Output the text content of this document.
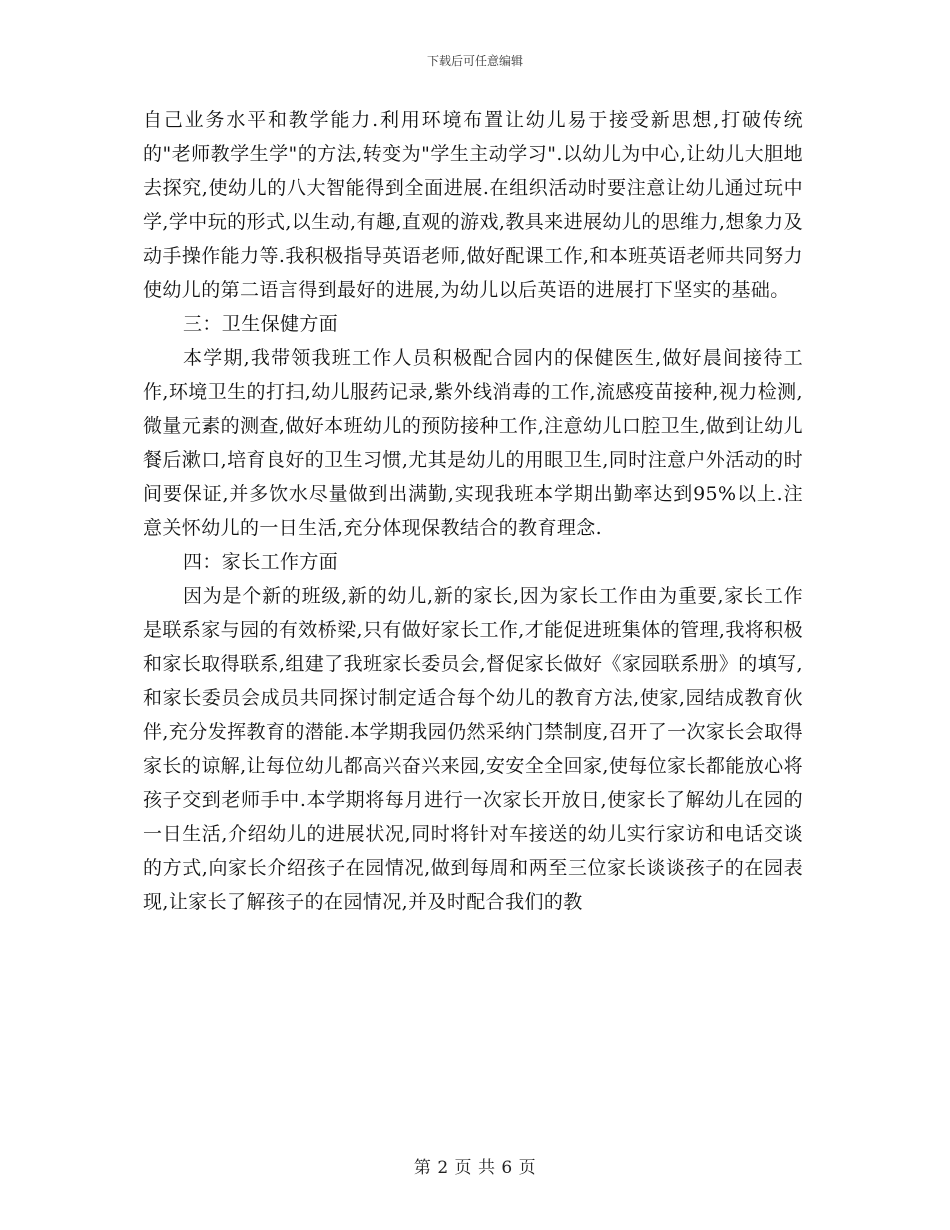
下载后可任意编辑

自己业务水平和教学能力.利用环境布置让幼儿易于接受新思想,打破传统的"老师教学生学"的方法,转变为"学生主动学习".以幼儿为中心,让幼儿大胆地去探究,使幼儿的八大智能得到全面进展.在组织活动时要注意让幼儿通过玩中学,学中玩的形式,以生动,有趣,直观的游戏,教具来进展幼儿的思维力,想象力及动手操作能力等.我积极指导英语老师,做好配课工作,和本班英语老师共同努力使幼儿的第二语言得到最好的进展,为幼儿以后英语的进展打下坚实的基础。

三：卫生保健方面

本学期,我带领我班工作人员积极配合园内的保健医生,做好晨间接待工作,环境卫生的打扫,幼儿服药记录,紫外线消毒的工作,流感疫苗接种,视力检测,微量元素的测查,做好本班幼儿的预防接种工作,注意幼儿口腔卫生,做到让幼儿餐后漱口,培育良好的卫生习惯,尤其是幼儿的用眼卫生,同时注意户外活动的时间要保证,并多饮水尽量做到出满勤,实现我班本学期出勤率达到95%以上.注意关怀幼儿的一日生活,充分体现保教结合的教育理念.

四：家长工作方面

因为是个新的班级,新的幼儿,新的家长,因为家长工作由为重要,家长工作是联系家与园的有效桥梁,只有做好家长工作,才能促进班集体的管理,我将积极和家长取得联系,组建了我班家长委员会,督促家长做好《家园联系册》的填写,和家长委员会成员共同探讨制定适合每个幼儿的教育方法,使家,园结成教育伙伴,充分发挥教育的潜能.本学期我园仍然采纳门禁制度,召开了一次家长会取得家长的谅解,让每位幼儿都高兴奋兴来园,安安全全回家,使每位家长都能放心将孩子交到老师手中.本学期将每月进行一次家长开放日,使家长了解幼儿在园的一日生活,介绍幼儿的进展状况,同时将针对车接送的幼儿实行家访和电话交谈的方式,向家长介绍孩子在园情况,做到每周和两至三位家长谈谈孩子的在园表现,让家长了解孩子的在园情况,并及时配合我们的教

第 2 页 共 6 页
